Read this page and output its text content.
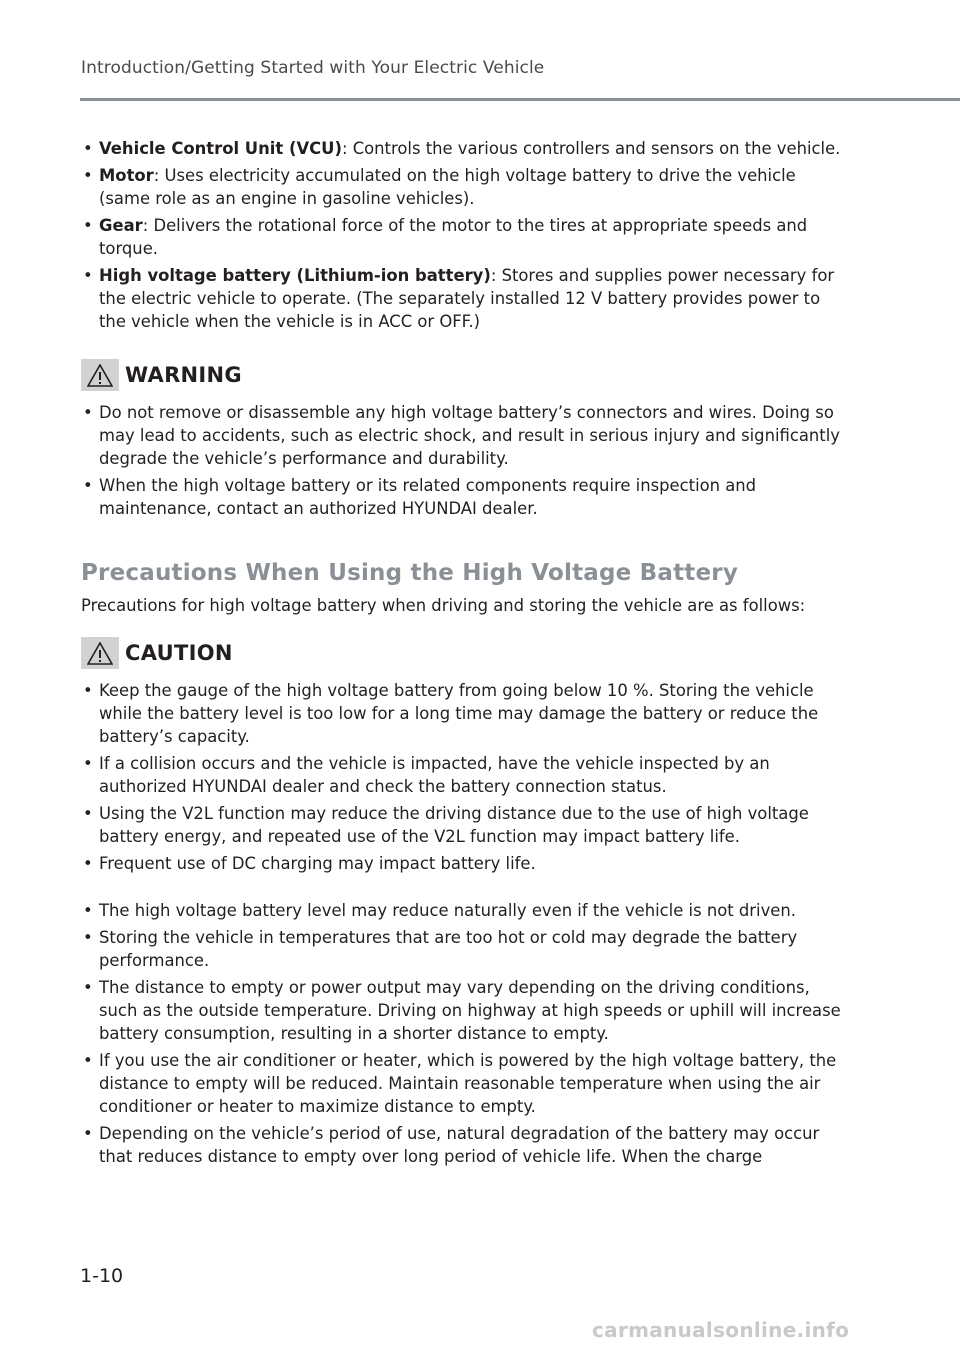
Introduction/Getting Started with Your Electric Vehicle
• Vehicle Control Unit (VCU): Controls the various controllers and sensors on the vehicle.
• Motor: Uses electricity accumulated on the high voltage battery to drive the vehicle (same role as an engine in gasoline vehicles).
• Gear: Delivers the rotational force of the motor to the tires at appropriate speeds and torque.
• High voltage battery (Lithium-ion battery): Stores and supplies power necessary for the electric vehicle to operate. (The separately installed 12 V battery provides power to the vehicle when the vehicle is in ACC or OFF.)
WARNING
• Do not remove or disassemble any high voltage battery’s connectors and wires. Doing so may lead to accidents, such as electric shock, and result in serious injury and significantly degrade the vehicle’s performance and durability.
• When the high voltage battery or its related components require inspection and maintenance, contact an authorized HYUNDAI dealer.
Precautions When Using the High Voltage Battery
Precautions for high voltage battery when driving and storing the vehicle are as follows:
CAUTION
• Keep the gauge of the high voltage battery from going below 10 %. Storing the vehicle while the battery level is too low for a long time may damage the battery or reduce the battery’s capacity.
• If a collision occurs and the vehicle is impacted, have the vehicle inspected by an authorized HYUNDAI dealer and check the battery connection status.
• Using the V2L function may reduce the driving distance due to the use of high voltage battery energy, and repeated use of the V2L function may impact battery life.
• Frequent use of DC charging may impact battery life.
• The high voltage battery level may reduce naturally even if the vehicle is not driven.
• Storing the vehicle in temperatures that are too hot or cold may degrade the battery performance.
• The distance to empty or power output may vary depending on the driving conditions, such as the outside temperature. Driving on highway at high speeds or uphill will increase battery consumption, resulting in a shorter distance to empty.
• If you use the air conditioner or heater, which is powered by the high voltage battery, the distance to empty will be reduced. Maintain reasonable temperature when using the air conditioner or heater to maximize distance to empty.
• Depending on the vehicle’s period of use, natural degradation of the battery may occur that reduces distance to empty over long period of vehicle life. When the charge
1-10
carmanualsonline.info
